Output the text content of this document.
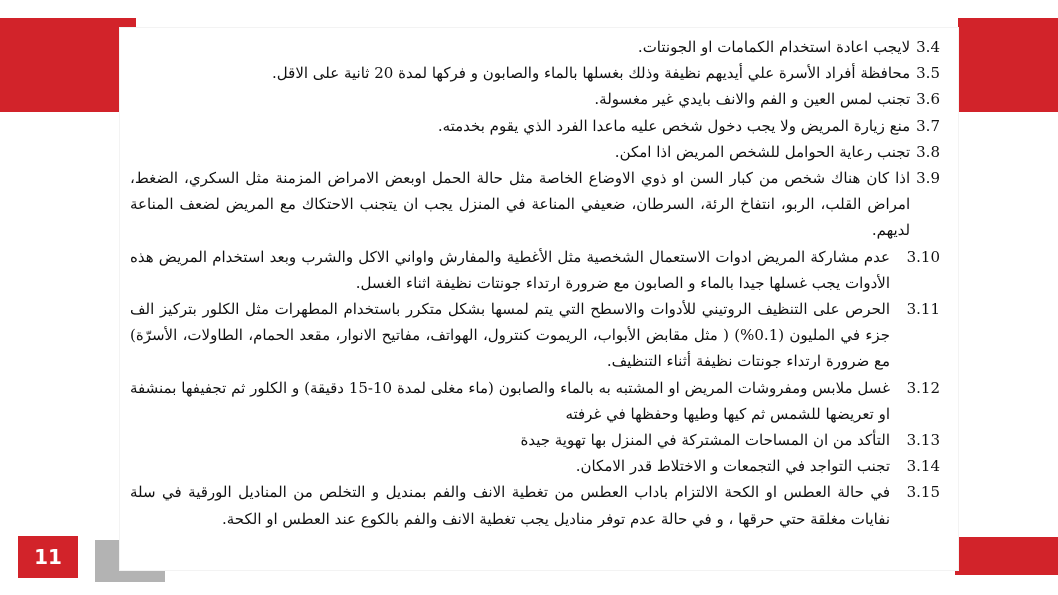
11
3.4
لايجب اعادة استخدام الكمامات او الجونتات.
3.5
محافظة أفراد الأسرة علي أيديهم نظيفة وذلك بغسلها بالماء والصابون و فركها لمدة 20 ثانية على الاقل.
3.6
تجنب لمس العين و الفم والانف بايدي غير مغسولة.
3.7
منع زيارة المريض ولا يجب دخول شخص عليه ماعدا الفرد الذي يقوم بخدمته.
3.8
تجنب رعاية الحوامل للشخص المريض اذا امكن.
3.9
اذا كان هناك شخص من كبار السن او ذوي الاوضاع الخاصة مثل حالة الحمل اوبعض الامراض المزمنة مثل السكري، الضغط، امراض القلب، الربو، انتفاخ الرئة، السرطان، ضعيفي المناعة في المنزل يجب ان يتجنب الاحتكاك مع المريض لضعف المناعة لديهم.
3.10
عدم مشاركة المريض ادوات الاستعمال الشخصية مثل الأغطية والمفارش واواني الاكل والشرب وبعد استخدام المريض هذه الأدوات يجب غسلها جيدا بالماء و الصابون مع ضرورة ارتداء جونتات نظيفة اثناء الغسل.
3.11
الحرص على التنظيف الروتيني للأدوات والاسطح التي يتم لمسها بشكل متكرر باستخدام المطهرات مثل الكلور بتركيز الف جزء في المليون (0.1%) ( مثل مقابض الأبواب، الريموت كنترول، الهواتف، مفاتيح الانوار، مقعد الحمام، الطاولات، الأسرّة) مع ضرورة ارتداء جونتات نظيفة أثناء التنظيف.
3.12
غسل ملابس ومفروشات المريض او المشتبه به بالماء والصابون (ماء مغلى لمدة 10-15 دقيقة) و الكلور ثم تجفيفها بمنشفة او تعريضها للشمس ثم كيها وطيها وحفظها في غرفته
3.13
التأكد من ان المساحات المشتركة في المنزل بها تهوية جيدة
3.14
تجنب التواجد في التجمعات و الاختلاط قدر الامكان.
3.15
في حالة العطس او الكحة الالتزام باداب العطس من تغطية الانف والفم بمنديل و التخلص من المناديل الورقية في سلة نفايات مغلقة حتي حرقها ، و في حالة عدم توفر مناديل يجب تغطية الانف والفم بالكوع عند العطس او الكحة.
